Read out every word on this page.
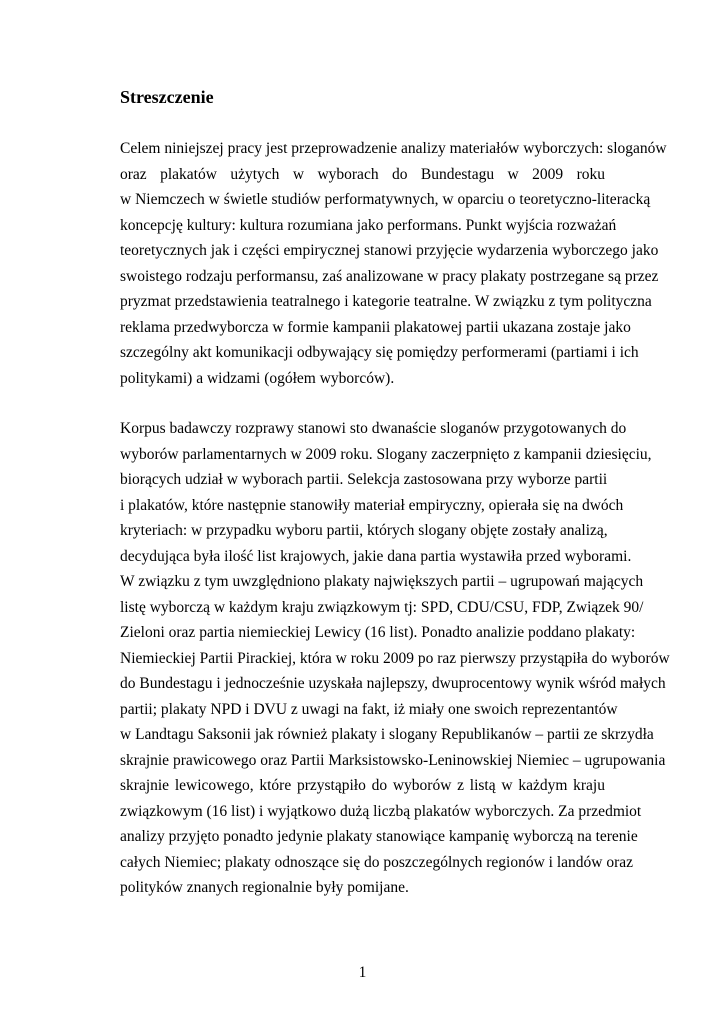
Streszczenie

Celem niniejszej pracy jest przeprowadzenie analizy materiałów wyborczych: sloganów
oraz plakatów użytych w wyborach do Bundestagu w 2009 roku
w Niemczech w świetle studiów performatywnych, w oparciu o teoretyczno-literacką
koncepcję kultury: kultura rozumiana jako performans. Punkt wyjścia rozważań
teoretycznych jak i części empirycznej stanowi przyjęcie wydarzenia wyborczego jako
swoistego rodzaju performansu, zaś analizowane w pracy plakaty postrzegane są przez
pryzmat przedstawienia teatralnego i kategorie teatralne. W związku z tym polityczna
reklama przedwyborcza w formie kampanii plakatowej partii ukazana zostaje jako
szczególny akt komunikacji odbywający się pomiędzy performerami (partiami i ich
politykami) a widzami (ogółem wyborców).

Korpus badawczy rozprawy stanowi sto dwanaście sloganów przygotowanych do
wyborów parlamentarnych w 2009 roku. Slogany zaczerpnięto z kampanii dziesięciu,
biorących udział w wyborach partii. Selekcja zastosowana przy wyborze partii
i plakatów, które następnie stanowiły materiał empiryczny, opierała się na dwóch
kryteriach: w przypadku wyboru partii, których slogany objęte zostały analizą,
decydująca była ilość list krajowych, jakie dana partia wystawiła przed wyborami.
W związku z tym uwzględniono plakaty największych partii – ugrupowań mających
listę wyborczą w każdym kraju związkowym tj: SPD, CDU/CSU, FDP, Związek 90/
Zieloni oraz partia niemieckiej Lewicy (16 list). Ponadto analizie poddano plakaty:
Niemieckiej Partii Pirackiej, która w roku 2009 po raz pierwszy przystąpiła do wyborów
do Bundestagu i jednocześnie uzyskała najlepszy, dwuprocentowy wynik wśród małych
partii; plakaty NPD i DVU z uwagi na fakt, iż miały one swoich reprezentantów
w Landtagu Saksonii jak również plakaty i slogany Republikanów – partii ze skrzydła
skrajnie prawicowego oraz Partii Marksistowsko-Leninowskiej Niemiec – ugrupowania
skrajnie lewicowego, które przystąpiło do wyborów z listą w każdym kraju
związkowym (16 list) i wyjątkowo dużą liczbą plakatów wyborczych. Za przedmiot
analizy przyjęto ponadto jedynie plakaty stanowiące kampanię wyborczą na terenie
całych Niemiec; plakaty odnoszące się do poszczególnych regionów i landów oraz
polityków znanych regionalnie były pomijane.

1
